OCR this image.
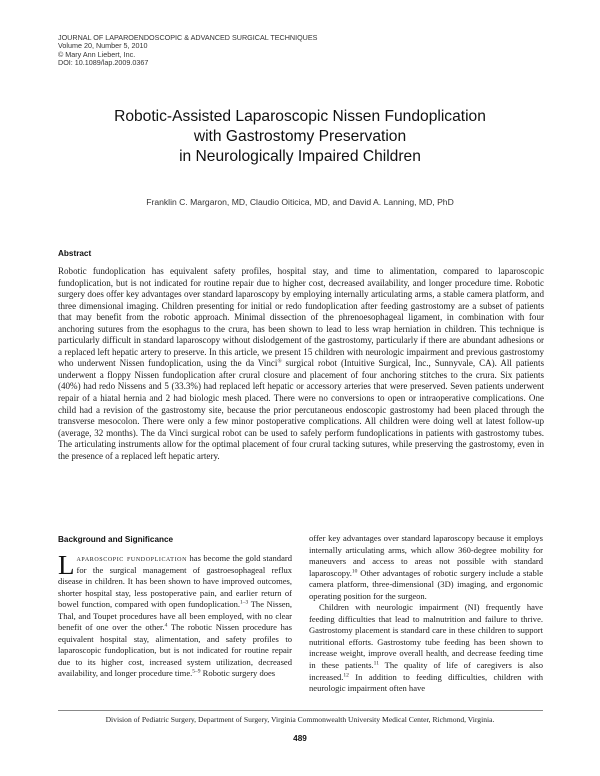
JOURNAL OF LAPAROENDOSCOPIC & ADVANCED SURGICAL TECHNIQUES
Volume 20, Number 5, 2010
© Mary Ann Liebert, Inc.
DOI: 10.1089/lap.2009.0367
Robotic-Assisted Laparoscopic Nissen Fundoplication
with Gastrostomy Preservation
in Neurologically Impaired Children
Franklin C. Margaron, MD, Claudio Oiticica, MD, and David A. Lanning, MD, PhD
Abstract
Robotic fundoplication has equivalent safety profiles, hospital stay, and time to alimentation, compared to laparoscopic fundoplication, but is not indicated for routine repair due to higher cost, decreased availability, and longer procedure time. Robotic surgery does offer key advantages over standard laparoscopy by employing internally articulating arms, a stable camera platform, and three dimensional imaging. Children presenting for initial or redo fundoplication after feeding gastrostomy are a subset of patients that may benefit from the robotic approach. Minimal dissection of the phrenoesophageal ligament, in combination with four anchoring sutures from the esophagus to the crura, has been shown to lead to less wrap herniation in children. This technique is particularly difficult in standard laparoscopy without dislodgement of the gastrostomy, particularly if there are abundant adhesions or a replaced left hepatic artery to preserve. In this article, we present 15 children with neurologic impairment and previous gastrostomy who underwent Nissen fundoplication, using the da Vinci® surgical robot (Intuitive Surgical, Inc., Sunnyvale, CA). All patients underwent a floppy Nissen fundoplication after crural closure and placement of four anchoring stitches to the crura. Six patients (40%) had redo Nissens and 5 (33.3%) had replaced left hepatic or accessory arteries that were preserved. Seven patients underwent repair of a hiatal hernia and 2 had biologic mesh placed. There were no conversions to open or intraoperative complications. One child had a revision of the gastrostomy site, because the prior percutaneous endoscopic gastrostomy had been placed through the transverse mesocolon. There were only a few minor postoperative complications. All children were doing well at latest follow-up (average, 32 months). The da Vinci surgical robot can be used to safely perform fundoplications in patients with gastrostomy tubes. The articulating instruments allow for the optimal placement of four crural tacking sutures, while preserving the gastrostomy, even in the presence of a replaced left hepatic artery.
Background and Significance

Laparoscopic fundoplication has become the gold standard for the surgical management of gastroesophageal reflux disease in children. It has been shown to have improved outcomes, shorter hospital stay, less postoperative pain, and earlier return of bowel function, compared with open fundoplication.$^{1-3}$ The Nissen, Thal, and Toupet procedures have all been employed, with no clear benefit of one over the other.$^4$ The robotic Nissen procedure has equivalent hospital stay, alimentation, and safety profiles to laparoscopic fundoplication, but is not indicated for routine repair due to its higher cost, increased system utilization, decreased availability, and longer procedure time.$^{5-9}$ Robotic surgery does

offer key advantages over standard laparoscopy because it employs internally articulating arms, which allow 360-degree mobility for maneuvers and access to areas not possible with standard laparoscopy.$^{10}$ Other advantages of robotic surgery include a stable camera platform, three-dimensional (3D) imaging, and ergonomic operating position for the surgeon.

Children with neurologic impairment (NI) frequently have feeding difficulties that lead to malnutrition and failure to thrive. Gastrostomy placement is standard care in these children to support nutritional efforts. Gastrostomy tube feeding has been shown to increase weight, improve overall health, and decrease feeding time in these patients.$^{11}$ The quality of life of caregivers is also increased.$^{12}$ In addition to feeding difficulties, children with neurologic impairment often have

Division of Pediatric Surgery, Department of Surgery, Virginia Commonwealth University Medical Center, Richmond, Virginia.
489
